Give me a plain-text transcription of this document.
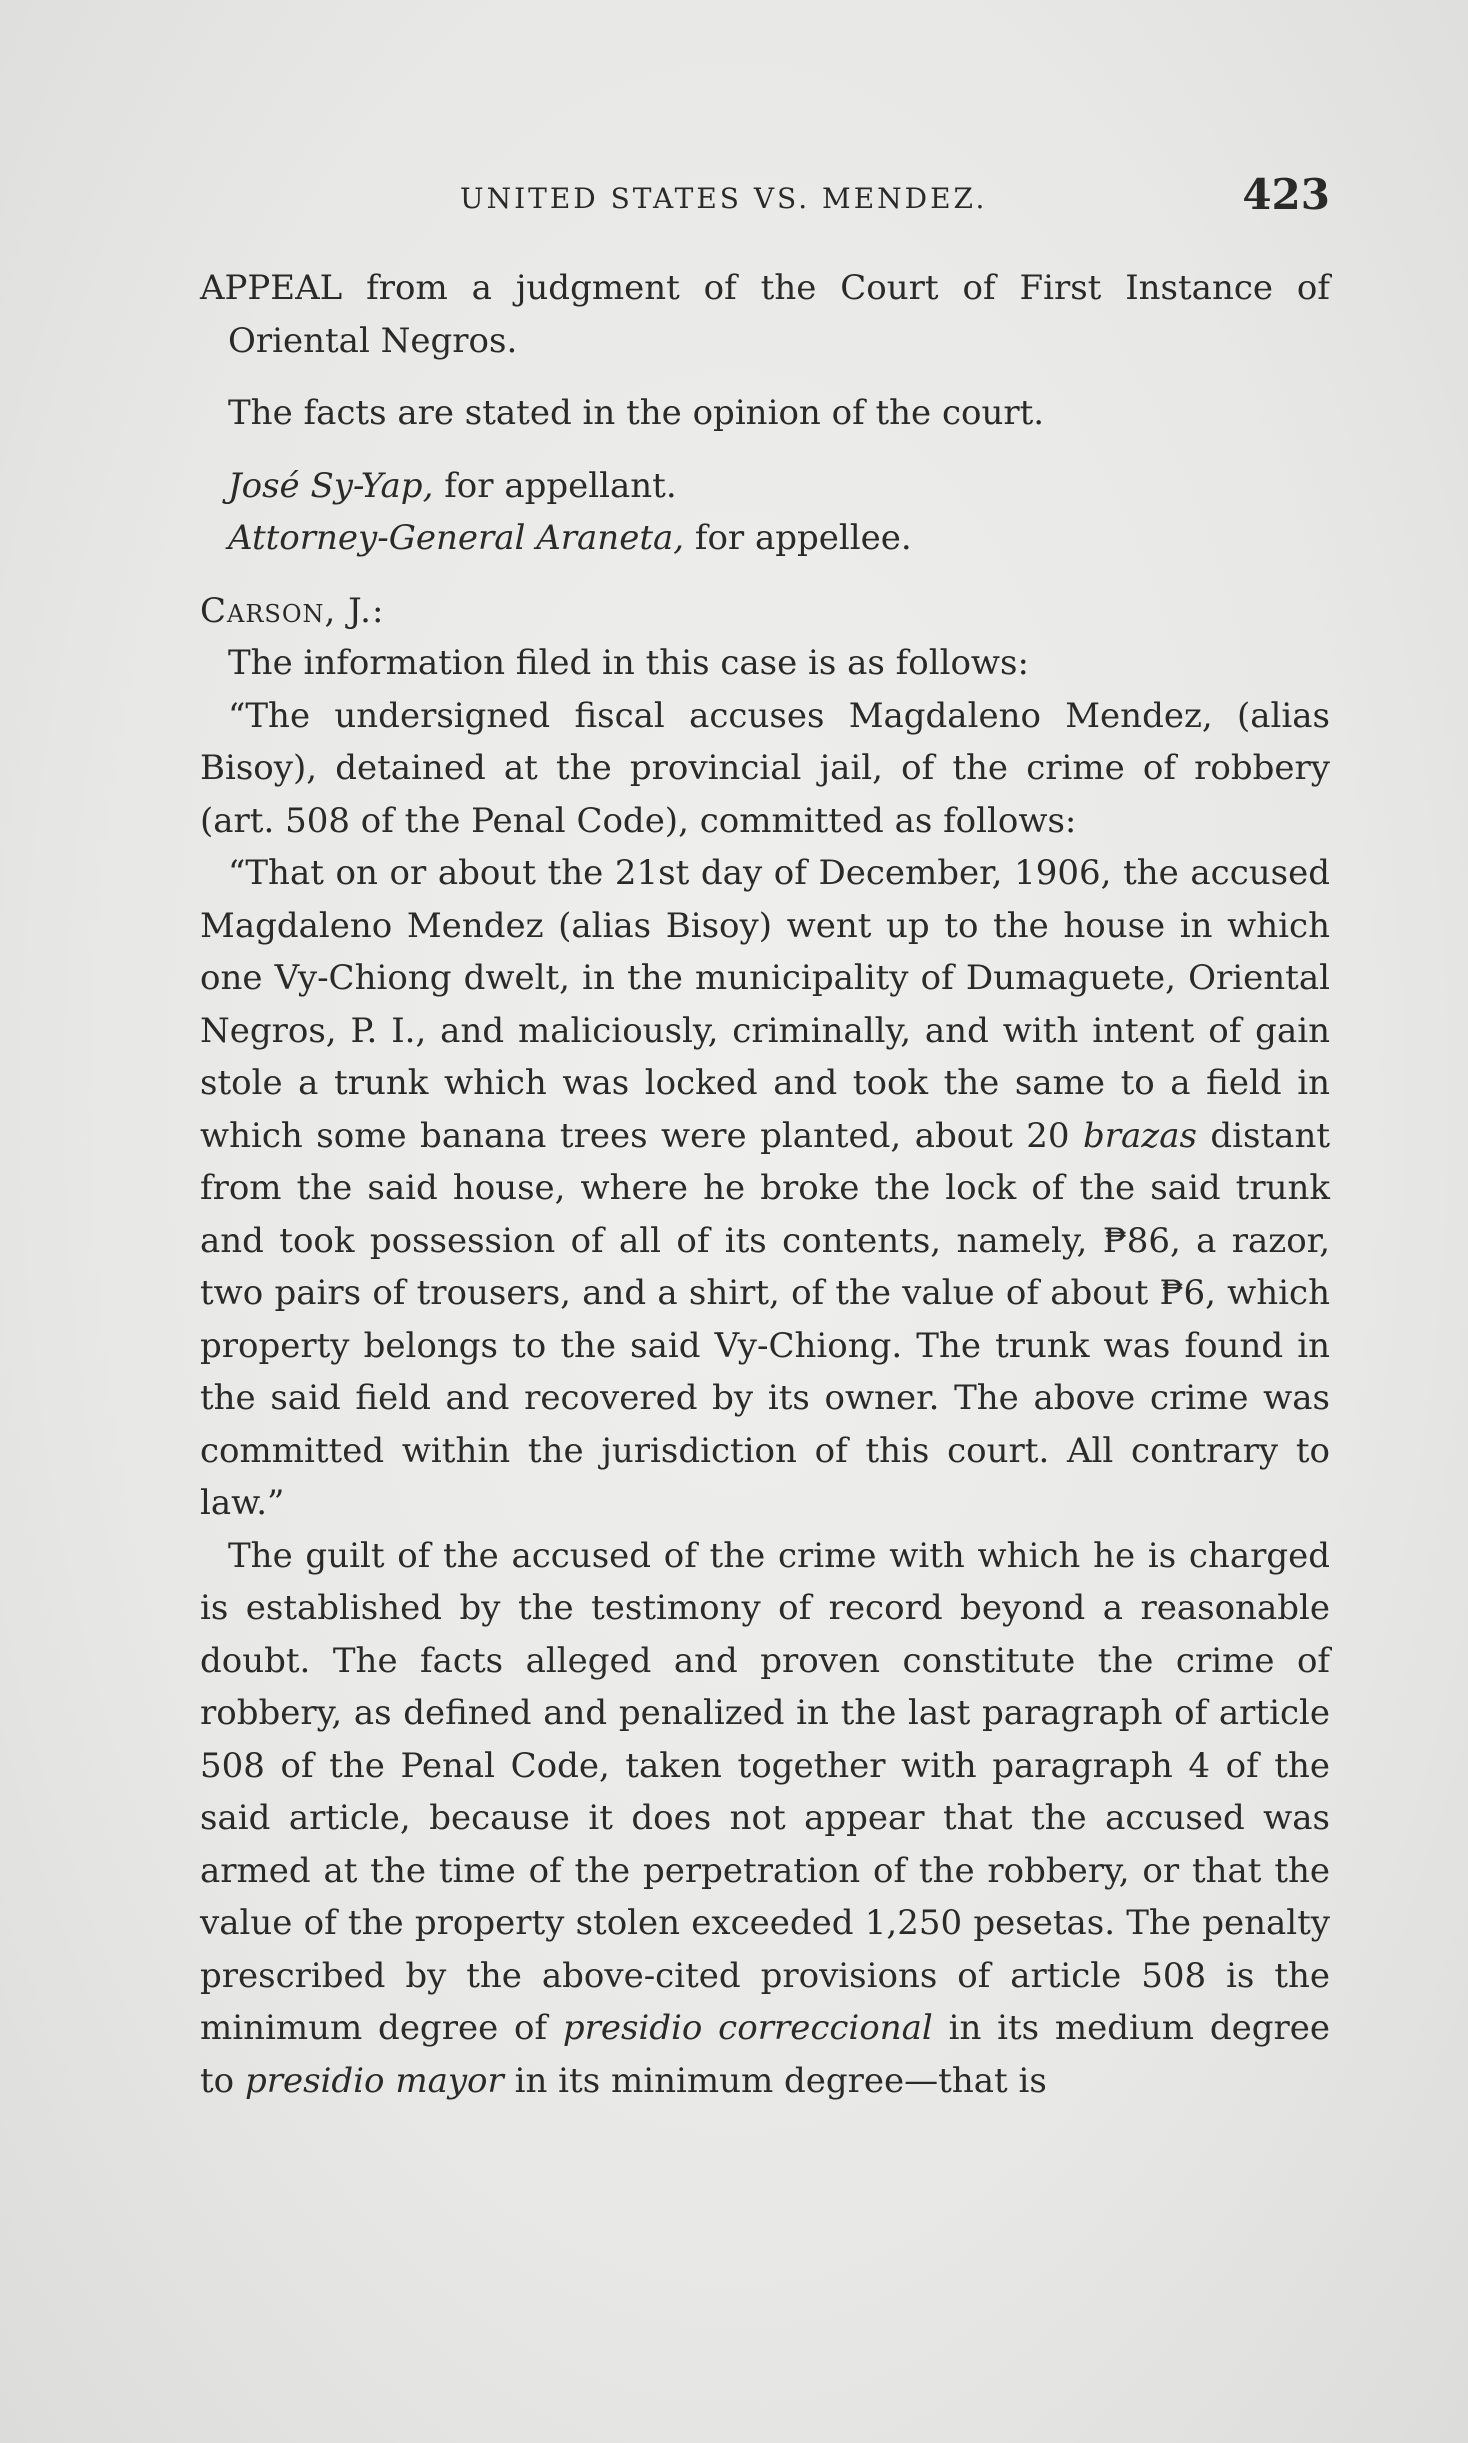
UNITED STATES VS. MENDEZ.	423

APPEAL from a judgment of the Court of First Instance of Oriental Negros.

The facts are stated in the opinion of the court.

José Sy-Yap, for appellant.

Attorney-General Araneta, for appellee.

Carson, J.:

The information filed in this case is as follows:

“The undersigned fiscal accuses Magdaleno Mendez, (alias Bisoy), detained at the provincial jail, of the crime of robbery (art. 508 of the Penal Code), committed as follows:

“That on or about the 21st day of December, 1906, the accused Magdaleno Mendez (alias Bisoy) went up to the house in which one Vy-Chiong dwelt, in the municipality of Dumaguete, Oriental Negros, P. I., and maliciously, criminally, and with intent of gain stole a trunk which was locked and took the same to a field in which some banana trees were planted, about 20 brazas distant from the said house, where he broke the lock of the said trunk and took possession of all of its contents, namely, ₱86, a razor, two pairs of trousers, and a shirt, of the value of about ₱6, which property belongs to the said Vy-Chiong. The trunk was found in the said field and recovered by its owner. The above crime was committed within the jurisdiction of this court. All contrary to law.”

The guilt of the accused of the crime with which he is charged is established by the testimony of record beyond a reasonable doubt. The facts alleged and proven constitute the crime of robbery, as defined and penalized in the last paragraph of article 508 of the Penal Code, taken together with paragraph 4 of the said article, because it does not appear that the accused was armed at the time of the perpetration of the robbery, or that the value of the property stolen exceeded 1,250 pesetas. The penalty prescribed by the above-cited provisions of article 508 is the minimum degree of presidio correccional in its medium degree to presidio mayor in its minimum degree—that is
